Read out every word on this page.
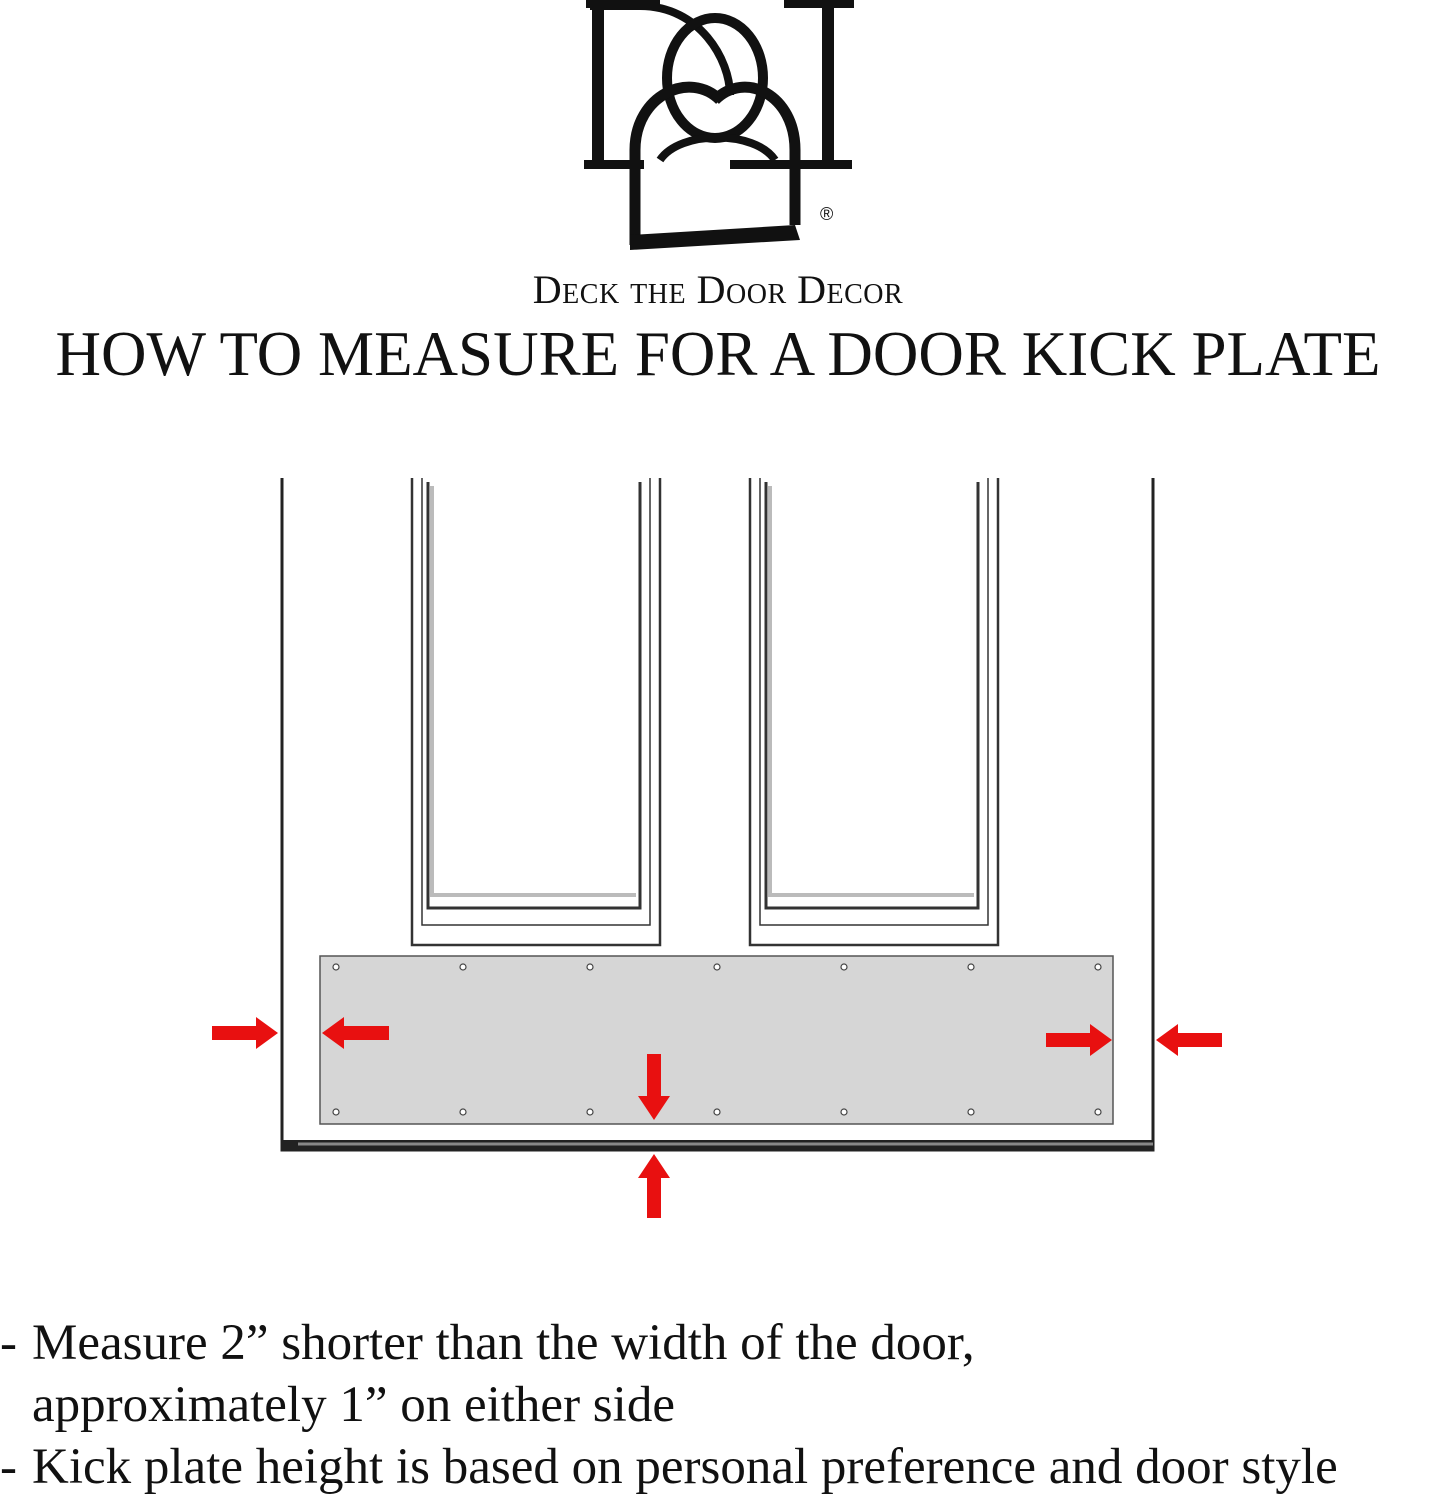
®
Deck the Door Decor
HOW TO MEASURE FOR A DOOR KICK PLATE
- Measure 2” shorter than the width of the door,
approximately 1” on either side
- Kick plate height is based on personal preference and door style
